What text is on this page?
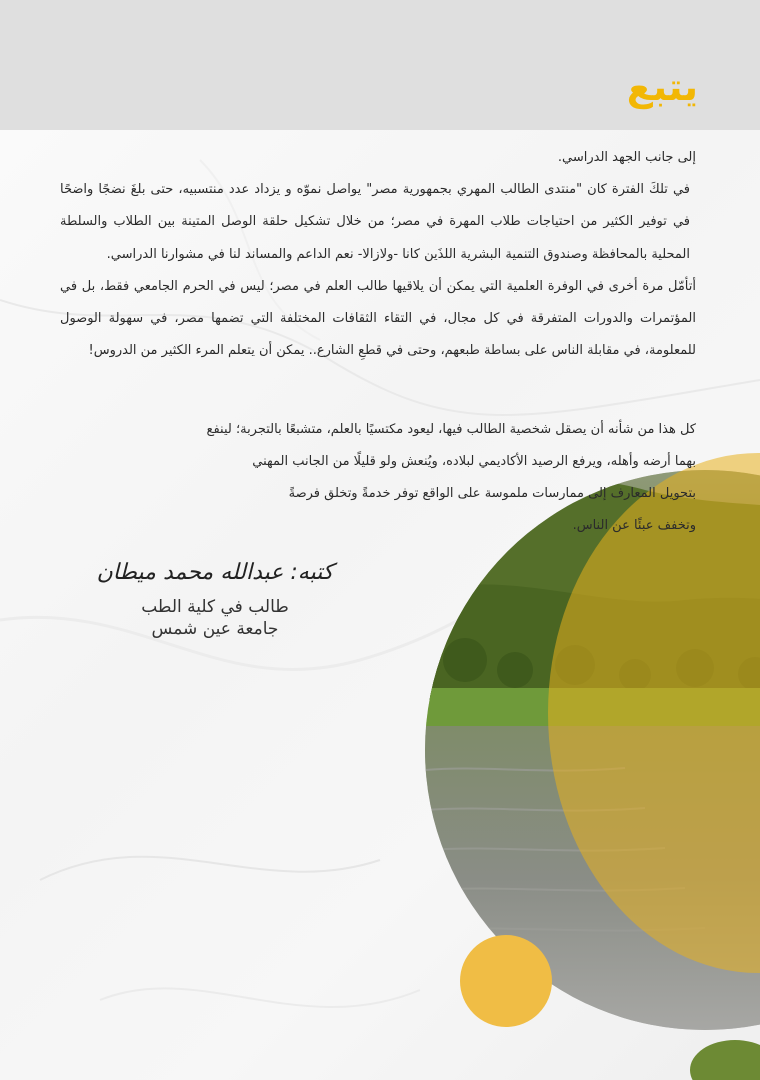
يتبع

إلى جانب الجهد الدراسي.

في تلكَ الفترة كان "منتدى الطالب المهري بجمهورية مصر" يواصل نموّه و يزداد عدد منتسبيه، حتى بلغَ نضجًا واضحًا في توفير الكثير من احتياجات طلاب المهرة في مصر؛ من خلال تشكيل حلقة الوصل المتينة بين الطلاب والسلطة المحلية بالمحافظة وصندوق التنمية البشرية اللذَين كانا -ولازالا- نعم الداعم والمساند لنا في مشوارنا الدراسي.

أتأمّل مرة أخرى في الوفرة العلمية التي يمكن أن يلاقيها طالب العلم في مصر؛ ليس في الحرم الجامعي فقط، بل في المؤتمرات والدورات المتفرقة في كل مجال، في التقاء الثقافات المختلفة التي تضمها مصر، في سهولة الوصول للمعلومة، في مقابلة الناس على بساطة طبعهم، وحتى في قطعِ الشارع.. يمكن أن يتعلم المرء الكثير من الدروس!

كل هذا من شأنه أن يصقل شخصية الطالب فيها، ليعود مكتسيًا بالعلم، متشبعًا بالتجربة؛ لينفع
بهما أرضه وأهله، ويرفع الرصيد الأكاديمي لبلاده، ويُنعش ولو قليلًا من الجانب المهني
بتحويل المعارف إلى ممارسات ملموسة على الواقع توفر خدمةً وتخلق فرصةً
وتخفف عبئًا عن الناس.
كتبه: عبدالله محمد ميطان
طالب في كلية الطب
جامعة عين شمس
